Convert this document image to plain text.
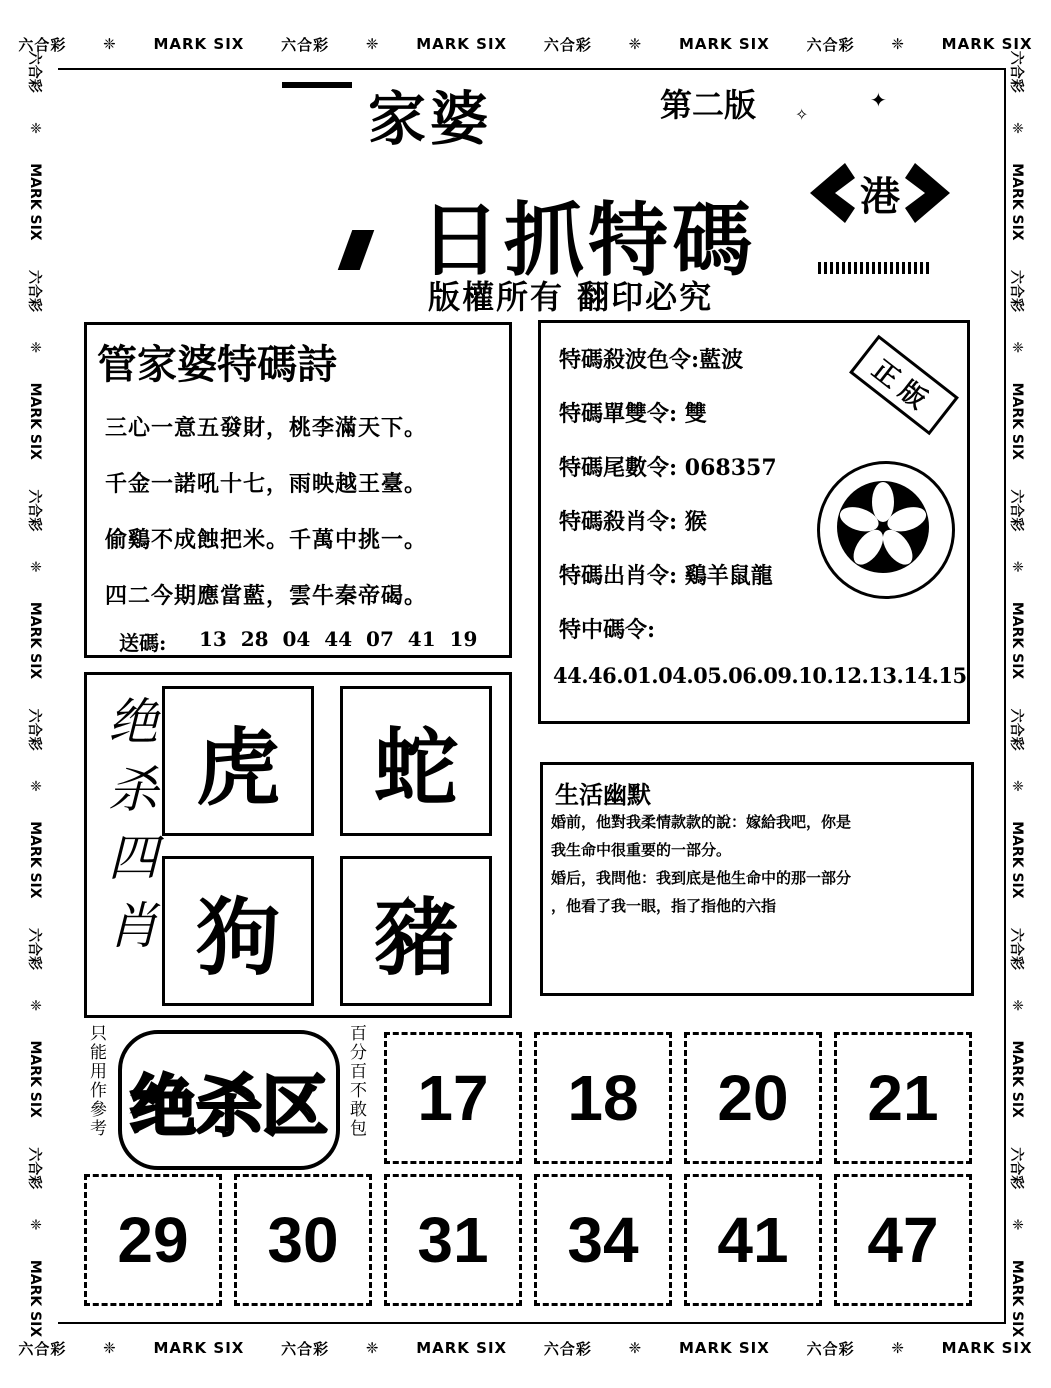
六合彩 ❈ MARK SIX 六合彩 ❈ MARK SIX 六合彩 ❈ MARK SIX 六合彩 ❈ MARK SIX
六合彩 ❈ MARK SIX 六合彩 ❈ MARK SIX 六合彩 ❈ MARK SIX 六合彩 ❈ MARK SIX
六合彩
❈
MARK SIX
六合彩
❈
MARK SIX
六合彩
❈
MARK SIX
六合彩
❈
MARK SIX
六合彩
❈
MARK SIX
六合彩
❈
MARK SIX
六合彩
❈
MARK SIX
六合彩
❈
MARK SIX
六合彩
❈
MARK SIX
六合彩
❈
MARK SIX
六合彩
❈
MARK SIX
六合彩
❈
MARK SIX
家婆	第二版	✦
✧
日抓特碼
版權所有 翻印必究
港
管家婆特碼詩
三心一意五發財，桃李滿天下。
千金一諾吼十七，雨映越王臺。
偷鷄不成蝕把米。千萬中挑一。
四二今期應當藍，雲牛秦帝碣。
送碼: 13  28  04  44  07  41  19
特碼殺波色令:藍波
特碼單雙令: 雙
特碼尾數令: 068357
特碼殺肖令: 猴
特碼出肖令: 鷄羊鼠龍
特中碼令:
44.46.01.04.05.06.09.10.12.13.14.15
正版
绝杀四肖 虎	蛇
狗	豬
生活幽默
婚前，他對我柔情款款的說：嫁給我吧，你是
我生命中很重要的一部分。
婚后，我問他：我到底是他生命中的那一部分
，他看了我一眼，指了指他的六指
只能用作參考 绝杀区	百分百不敢包 17	18	20	21
29	30	31	34	41	47
